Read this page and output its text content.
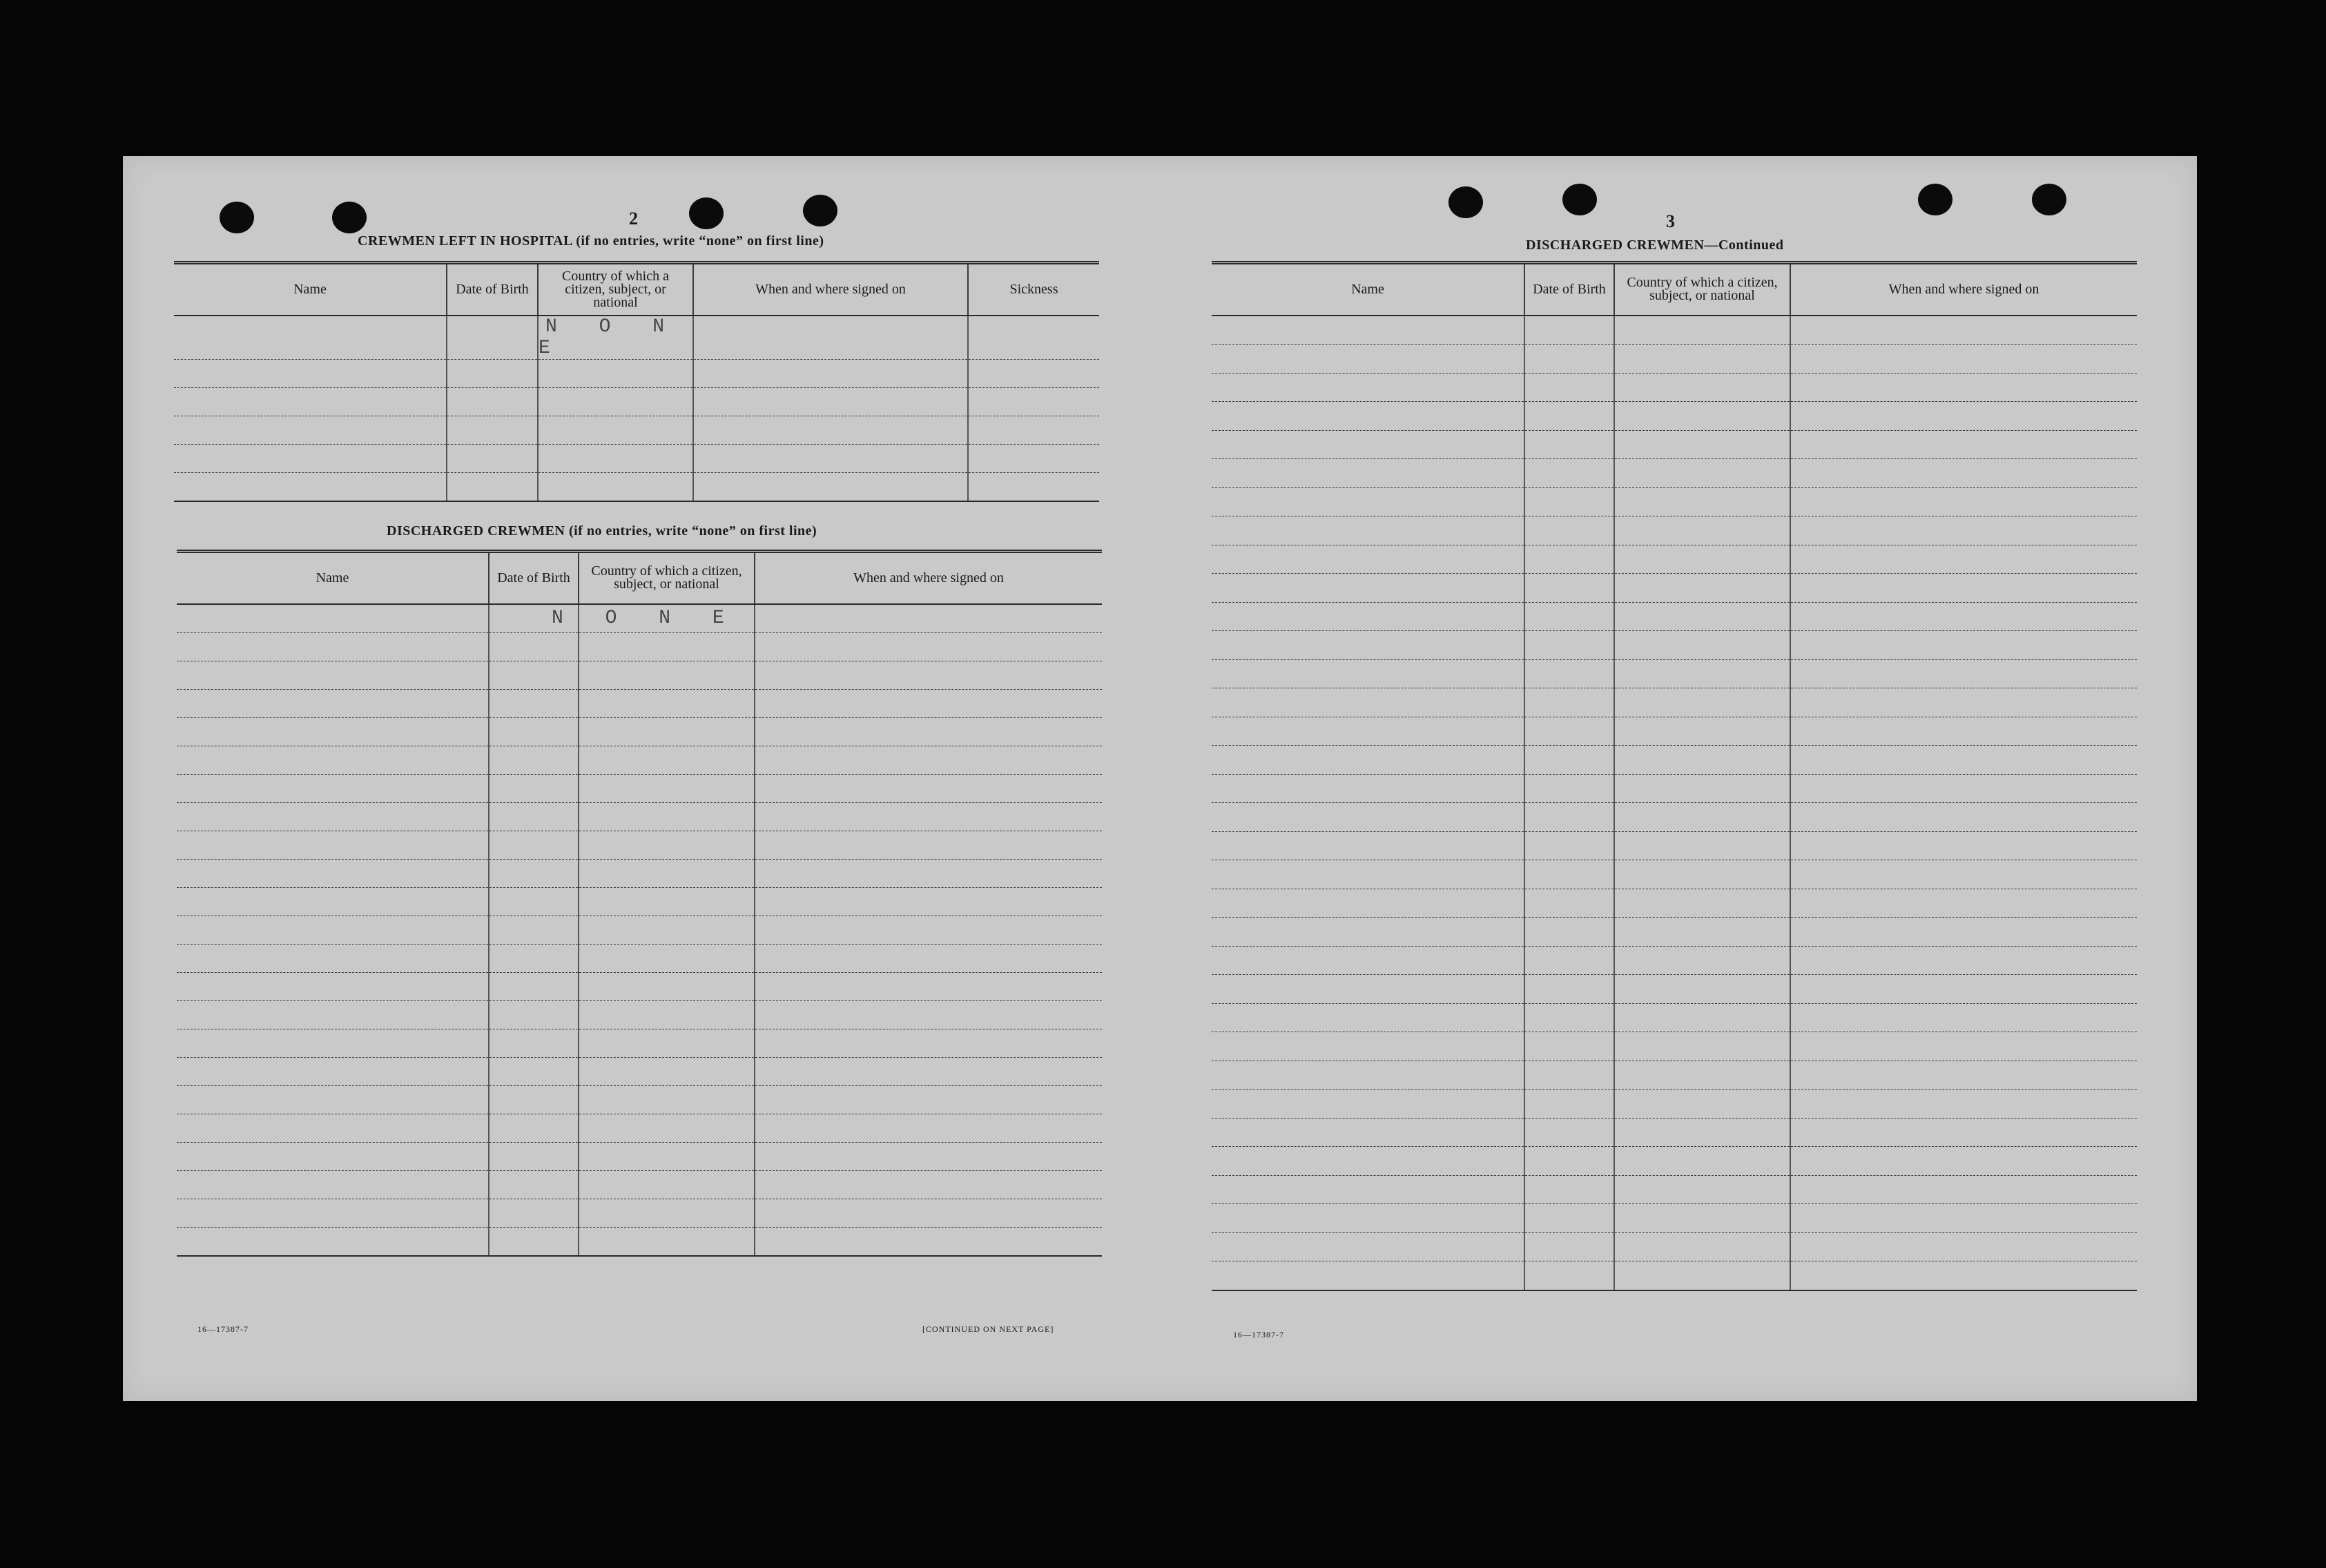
2
CREWMEN LEFT IN HOSPITAL (if no entries, write “none” on first line)
Name	Date of Birth	Country of which a citizen, subject, or national	When and where signed on	Sickness
		N O N E		

DISCHARGED CREWMEN (if no entries, write “none” on first line)
Name	Date of Birth	Country of which a citizen, subject, or national	When and where signed on
		N O N E	

16—17387-7	[CONTINUED ON NEXT PAGE]
3
DISCHARGED CREWMEN—Continued
Name	Date of Birth	Country of which a citizen, subject, or national	When and where signed on

16—17387-7
